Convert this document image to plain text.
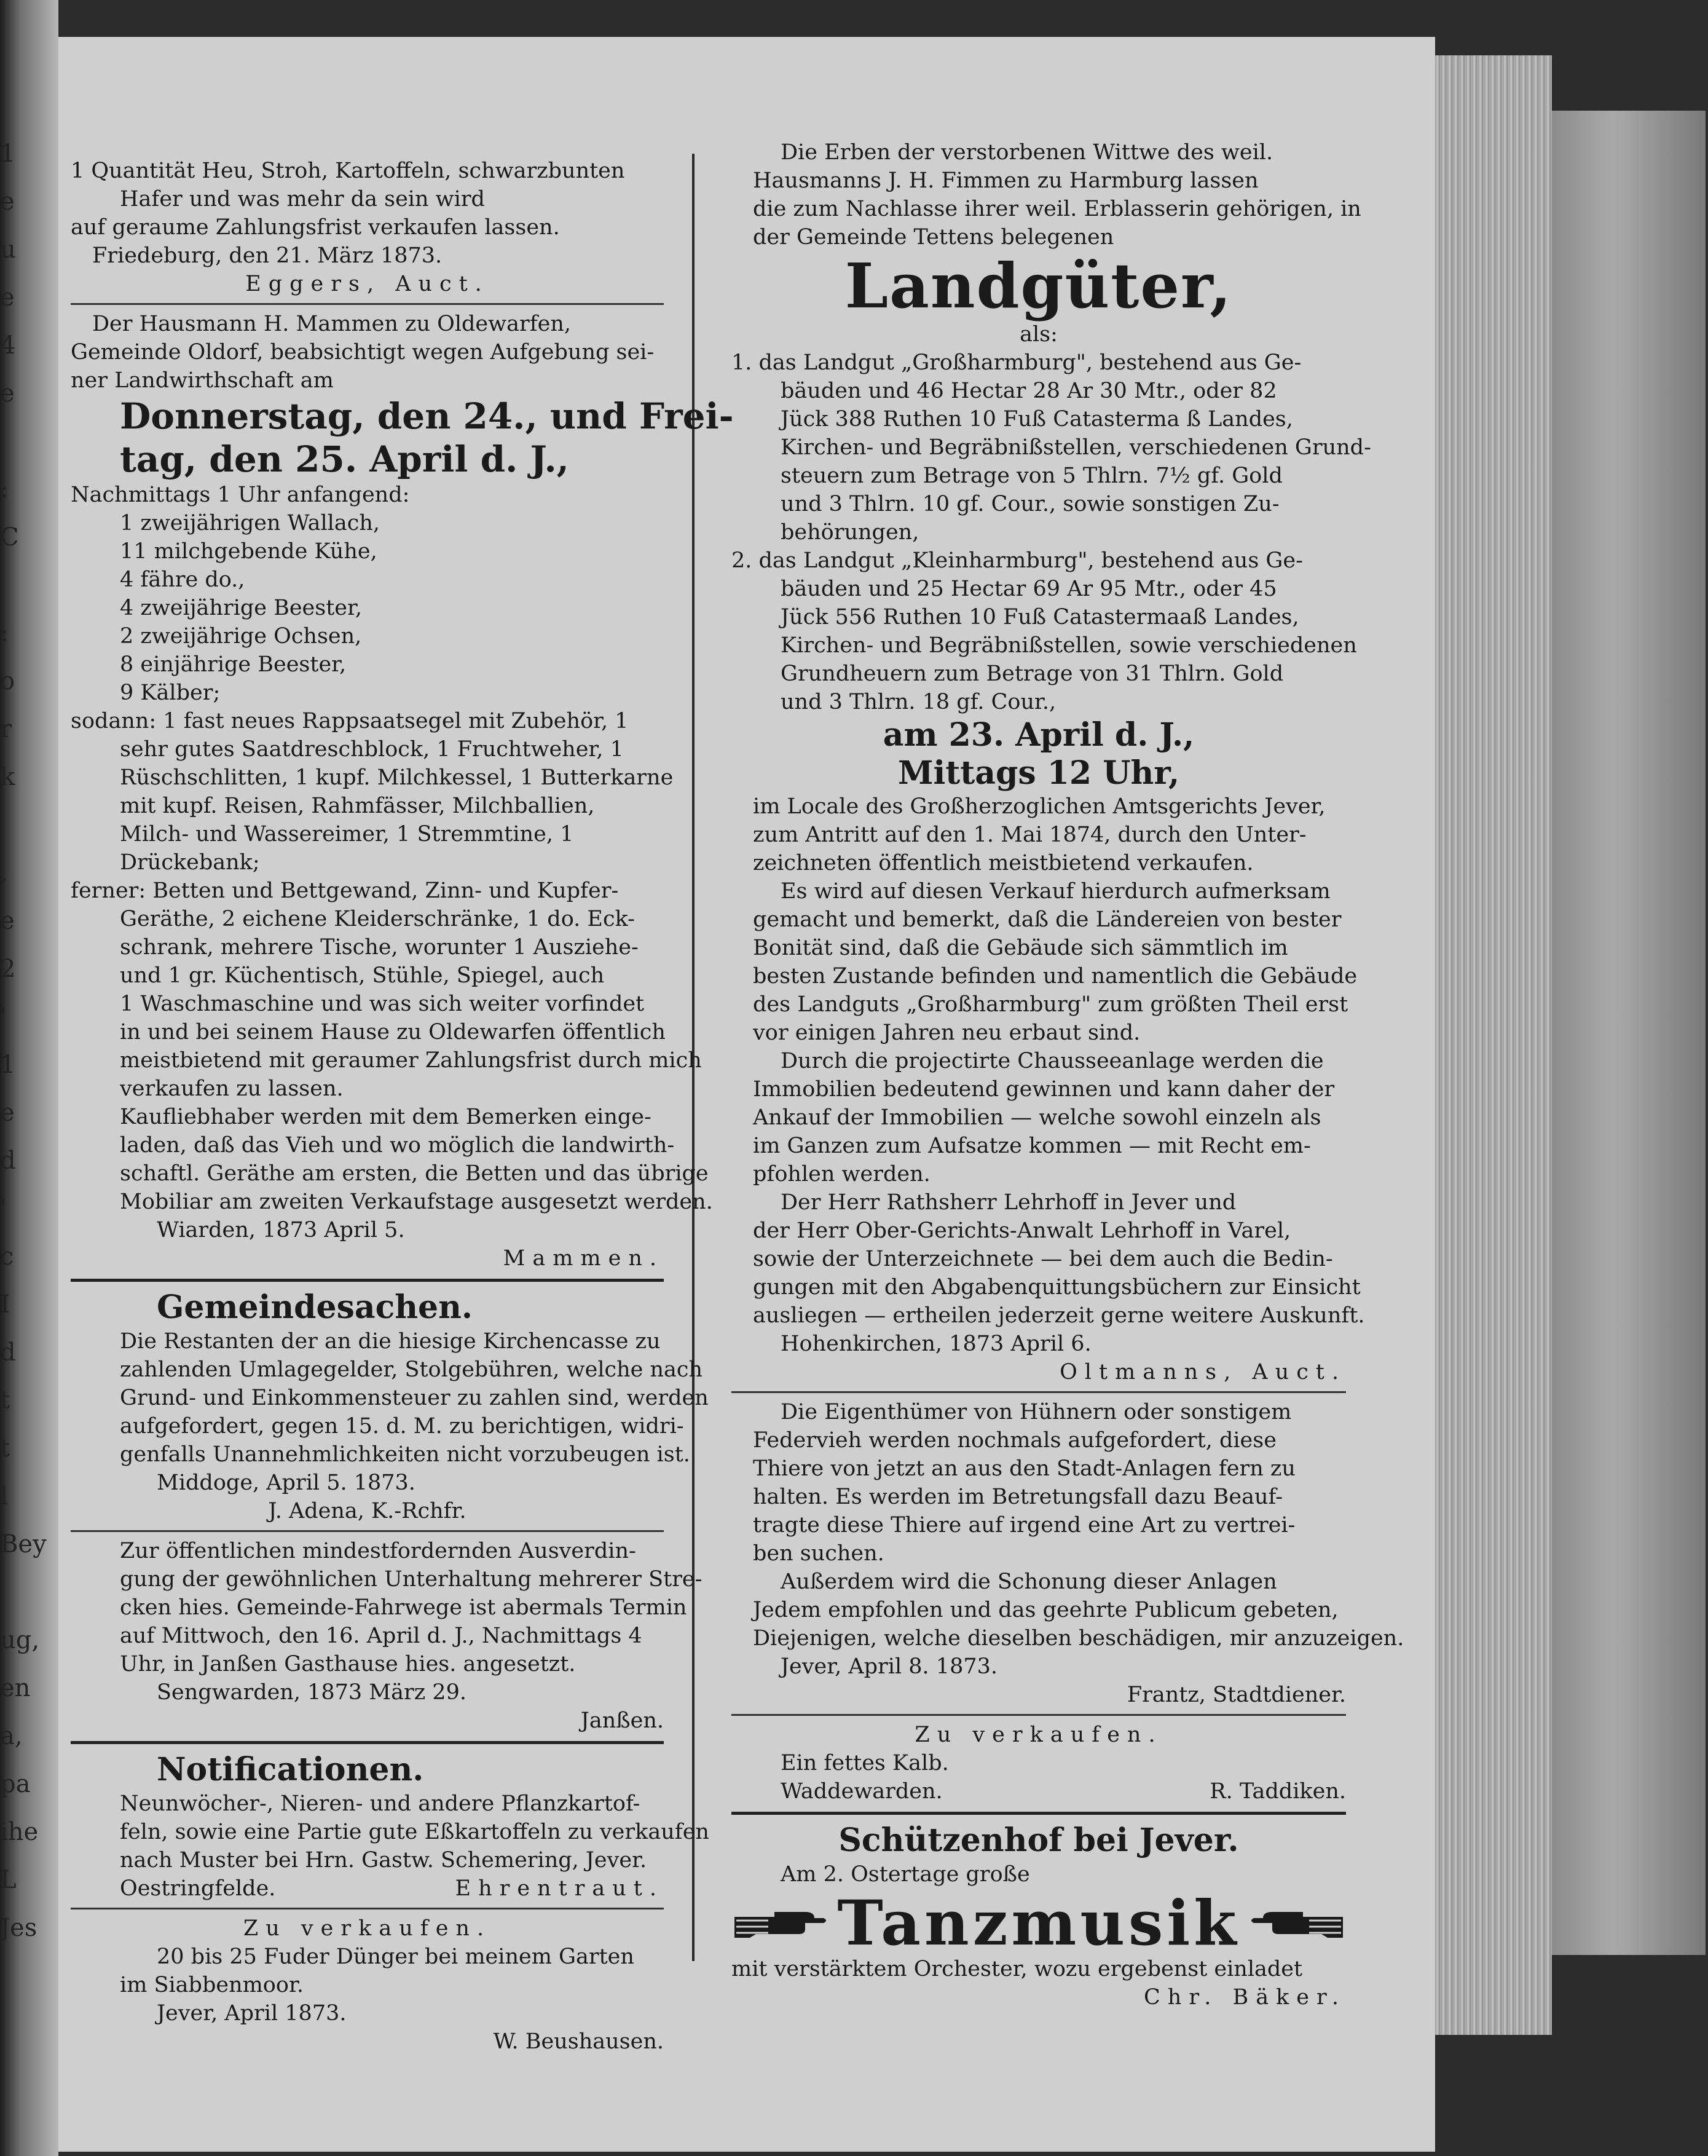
1
e
u
e
4
e
:
C
:
o
r
k
,
e
2
'
1
e
d
'
c
I
d
t
t
l
Bey
ug,
en
a,
pa
ihe
L
Jes
1 Quantität Heu, Stroh, Kartoffeln, schwarzbunten
Hafer und was mehr da sein wird
auf geraume Zahlungsfrist verkaufen lassen.
Friedeburg, den 21. März 1873.
Eggers, Auct.
Der Hausmann H. Mammen zu Oldewarfen,
Gemeinde Oldorf, beabsichtigt wegen Aufgebung sei-
ner Landwirthschaft am
Donnerstag, den 24., und Frei-
tag, den 25. April d. J.,
Nachmittags 1 Uhr anfangend:
1 zweijährigen Wallach,
11 milchgebende Kühe,
4 fähre do.,
4 zweijährige Beester,
2 zweijährige Ochsen,
8 einjährige Beester,
9 Kälber;
sodann: 1 fast neues Rappsaatsegel mit Zubehör, 1
sehr gutes Saatdreschblock, 1 Fruchtweher, 1
Rüschschlitten, 1 kupf. Milchkessel, 1 Butterkarne
mit kupf. Reisen, Rahmfässer, Milchballien,
Milch- und Wassereimer, 1 Stremmtine, 1
Drückebank;
ferner: Betten und Bettgewand, Zinn- und Kupfer-
Geräthe, 2 eichene Kleiderschränke, 1 do. Eck-
schrank, mehrere Tische, worunter 1 Ausziehe-
und 1 gr. Küchentisch, Stühle, Spiegel, auch
1 Waschmaschine und was sich weiter vorfindet
in und bei seinem Hause zu Oldewarfen öffentlich
meistbietend mit geraumer Zahlungsfrist durch mich
verkaufen zu lassen.
Kaufliebhaber werden mit dem Bemerken einge-
laden, daß das Vieh und wo möglich die landwirth-
schaftl. Geräthe am ersten, die Betten und das übrige
Mobiliar am zweiten Verkaufstage ausgesetzt werden.
Wiarden, 1873 April 5.
Mammen.
Gemeindesachen.
Die Restanten der an die hiesige Kirchencasse zu
zahlenden Umlagegelder, Stolgebühren, welche nach
Grund- und Einkommensteuer zu zahlen sind, werden
aufgefordert, gegen 15. d. M. zu berichtigen, widri-
genfalls Unannehmlichkeiten nicht vorzubeugen ist.
Middoge, April 5. 1873.
J. Adena, K.-Rchfr.
Zur öffentlichen mindestfordernden Ausverdin-
gung der gewöhnlichen Unterhaltung mehrerer Stre-
cken hies. Gemeinde-Fahrwege ist abermals Termin
auf Mittwoch, den 16. April d. J., Nachmittags 4
Uhr, in Janßen Gasthause hies. angesetzt.
Sengwarden, 1873 März 29.
Janßen.
Notificationen.
Neunwöcher-, Nieren- und andere Pflanzkartof-
feln, sowie eine Partie gute Eßkartoffeln zu verkaufen
nach Muster bei Hrn. Gastw. Schemering, Jever.
Oestringfelde.	Ehrentraut.
Zu verkaufen.
20 bis 25 Fuder Dünger bei meinem Garten
im Siabbenmoor.
Jever, April 1873.
W. Beushausen.
Die Erben der verstorbenen Wittwe des weil.
Hausmanns J. H. Fimmen zu Harmburg lassen
die zum Nachlasse ihrer weil. Erblasserin gehörigen, in
der Gemeinde Tettens belegenen
Landgüter,
als:
1. das Landgut „Großharmburg", bestehend aus Ge-
bäuden und 46 Hectar 28 Ar 30 Mtr., oder 82
Jück 388 Ruthen 10 Fuß Catasterma ß Landes,
Kirchen- und Begräbnißstellen, verschiedenen Grund-
steuern zum Betrage von 5 Thlrn. 7½ gf. Gold
und 3 Thlrn. 10 gf. Cour., sowie sonstigen Zu-
behörungen,
2. das Landgut „Kleinharmburg", bestehend aus Ge-
bäuden und 25 Hectar 69 Ar 95 Mtr., oder 45
Jück 556 Ruthen 10 Fuß Catastermaaß Landes,
Kirchen- und Begräbnißstellen, sowie verschiedenen
Grundheuern zum Betrage von 31 Thlrn. Gold
und 3 Thlrn. 18 gf. Cour.,
am 23. April d. J.,
Mittags 12 Uhr,
im Locale des Großherzoglichen Amtsgerichts Jever,
zum Antritt auf den 1. Mai 1874, durch den Unter-
zeichneten öffentlich meistbietend verkaufen.
Es wird auf diesen Verkauf hierdurch aufmerksam
gemacht und bemerkt, daß die Ländereien von bester
Bonität sind, daß die Gebäude sich sämmtlich im
besten Zustande befinden und namentlich die Gebäude
des Landguts „Großharmburg" zum größten Theil erst
vor einigen Jahren neu erbaut sind.
Durch die projectirte Chausseeanlage werden die
Immobilien bedeutend gewinnen und kann daher der
Ankauf der Immobilien — welche sowohl einzeln als
im Ganzen zum Aufsatze kommen — mit Recht em-
pfohlen werden.
Der Herr Rathsherr Lehrhoff in Jever und
der Herr Ober-Gerichts-Anwalt Lehrhoff in Varel,
sowie der Unterzeichnete — bei dem auch die Bedin-
gungen mit den Abgabenquittungsbüchern zur Einsicht
ausliegen — ertheilen jederzeit gerne weitere Auskunft.
Hohenkirchen, 1873 April 6.
Oltmanns, Auct.
Die Eigenthümer von Hühnern oder sonstigem
Federvieh werden nochmals aufgefordert, diese
Thiere von jetzt an aus den Stadt-Anlagen fern zu
halten. Es werden im Betretungsfall dazu Beauf-
tragte diese Thiere auf irgend eine Art zu vertrei-
ben suchen.
Außerdem wird die Schonung dieser Anlagen
Jedem empfohlen und das geehrte Publicum gebeten,
Diejenigen, welche dieselben beschädigen, mir anzuzeigen.
Jever, April 8. 1873.
Frantz, Stadtdiener.
Zu verkaufen.
Ein fettes Kalb.
Waddewarden.	R. Taddiken.
Schützenhof bei Jever.
Am 2. Ostertage große
Tanzmusik
mit verstärktem Orchester, wozu ergebenst einladet
Chr. Bäker.
